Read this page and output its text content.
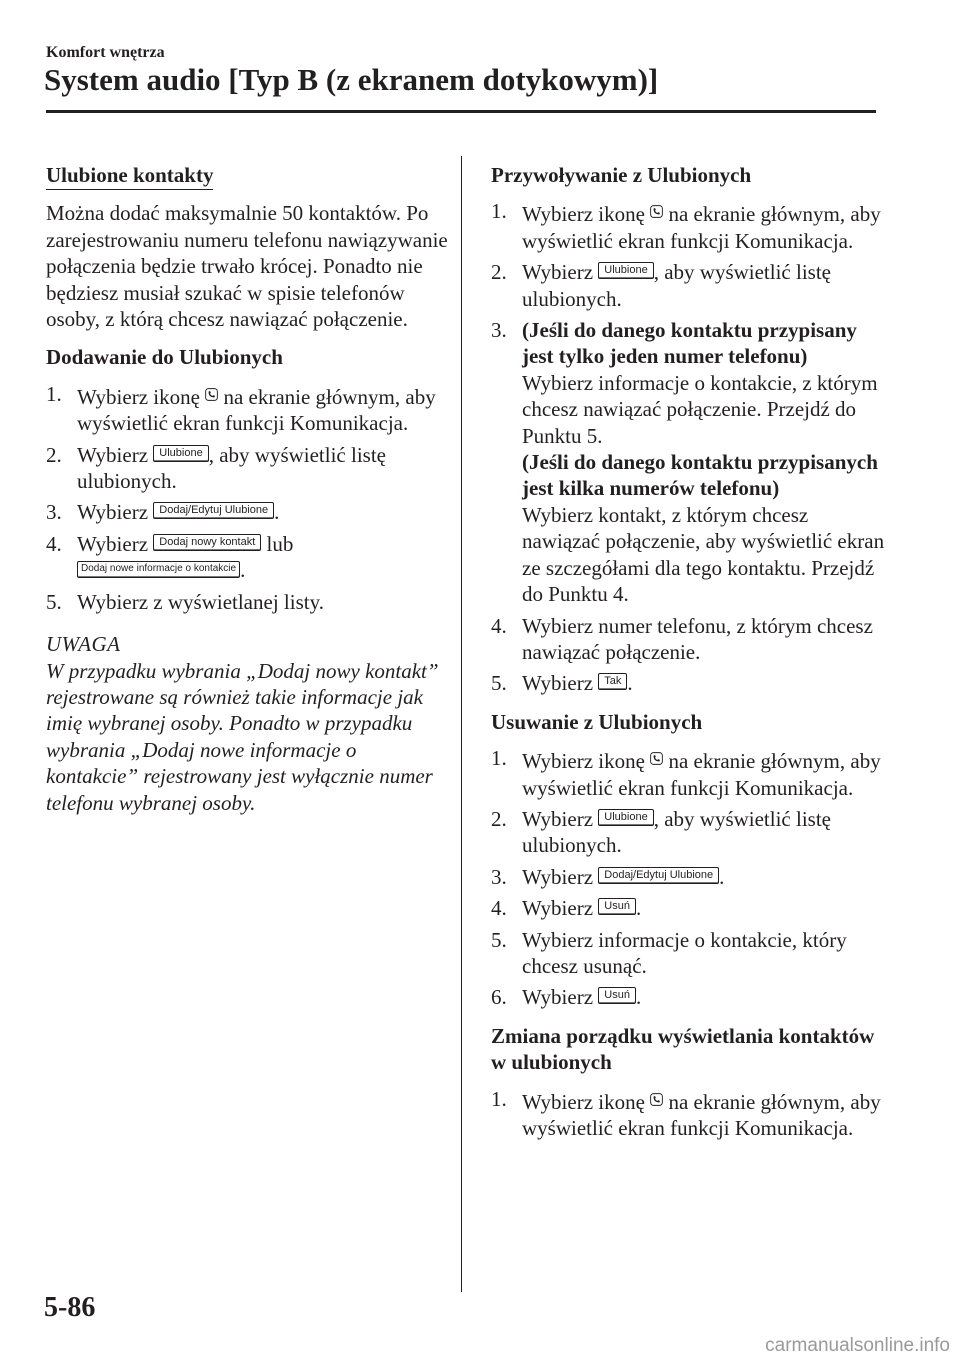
Komfort wnętrza
System audio [Typ B (z ekranem dotykowym)]
Ulubione kontakty

Można dodać maksymalnie 50 kontaktów. Po zarejestrowaniu numeru telefonu nawiązywanie połączenia będzie trwało krócej. Ponadto nie będziesz musiał szukać w spisie telefonów osoby, z którą chcesz nawiązać połączenie.

Dodawanie do Ulubionych
1. Wybierz ikonę na ekranie głównym, aby wyświetlić ekran funkcji Komunikacja.
2. Wybierz Ulubione , aby wyświetlić listę ulubionych.
3. Wybierz Dodaj/Edytuj Ulubione .
4. Wybierz Dodaj nowy kontakt lub
Dodaj nowe informacje o kontakcie .
5. Wybierz z wyświetlanej listy.
UWAGA

W przypadku wybrania „Dodaj nowy kontakt” rejestrowane są również takie informacje jak imię wybranej osoby. Ponadto w przypadku wybrania „Dodaj nowe informacje o kontakcie” rejestrowany jest wyłącznie numer telefonu wybranej osoby.

Przywoływanie z Ulubionych
1. Wybierz ikonę na ekranie głównym, aby wyświetlić ekran funkcji Komunikacja.
2. Wybierz Ulubione , aby wyświetlić listę ulubionych.
3. (Jeśli do danego kontaktu przypisany jest tylko jeden numer telefonu)
Wybierz informacje o kontakcie, z którym chcesz nawiązać połączenie. Przejdź do Punktu 5.
(Jeśli do danego kontaktu przypisanych jest kilka numerów telefonu)
Wybierz kontakt, z którym chcesz nawiązać połączenie, aby wyświetlić ekran ze szczegółami dla tego kontaktu. Przejdź do Punktu 4.
4. Wybierz numer telefonu, z którym chcesz nawiązać połączenie.
5. Wybierz Tak .
Usuwanie z Ulubionych
1. Wybierz ikonę na ekranie głównym, aby wyświetlić ekran funkcji Komunikacja.
2. Wybierz Ulubione , aby wyświetlić listę ulubionych.
3. Wybierz Dodaj/Edytuj Ulubione .
4. Wybierz Usuń .
5. Wybierz informacje o kontakcie, który chcesz usunąć.
6. Wybierz Usuń .
Zmiana porządku wyświetlania kontaktów w ulubionych
1. Wybierz ikonę na ekranie głównym, aby wyświetlić ekran funkcji Komunikacja.
5-86
carmanualsonline.info
